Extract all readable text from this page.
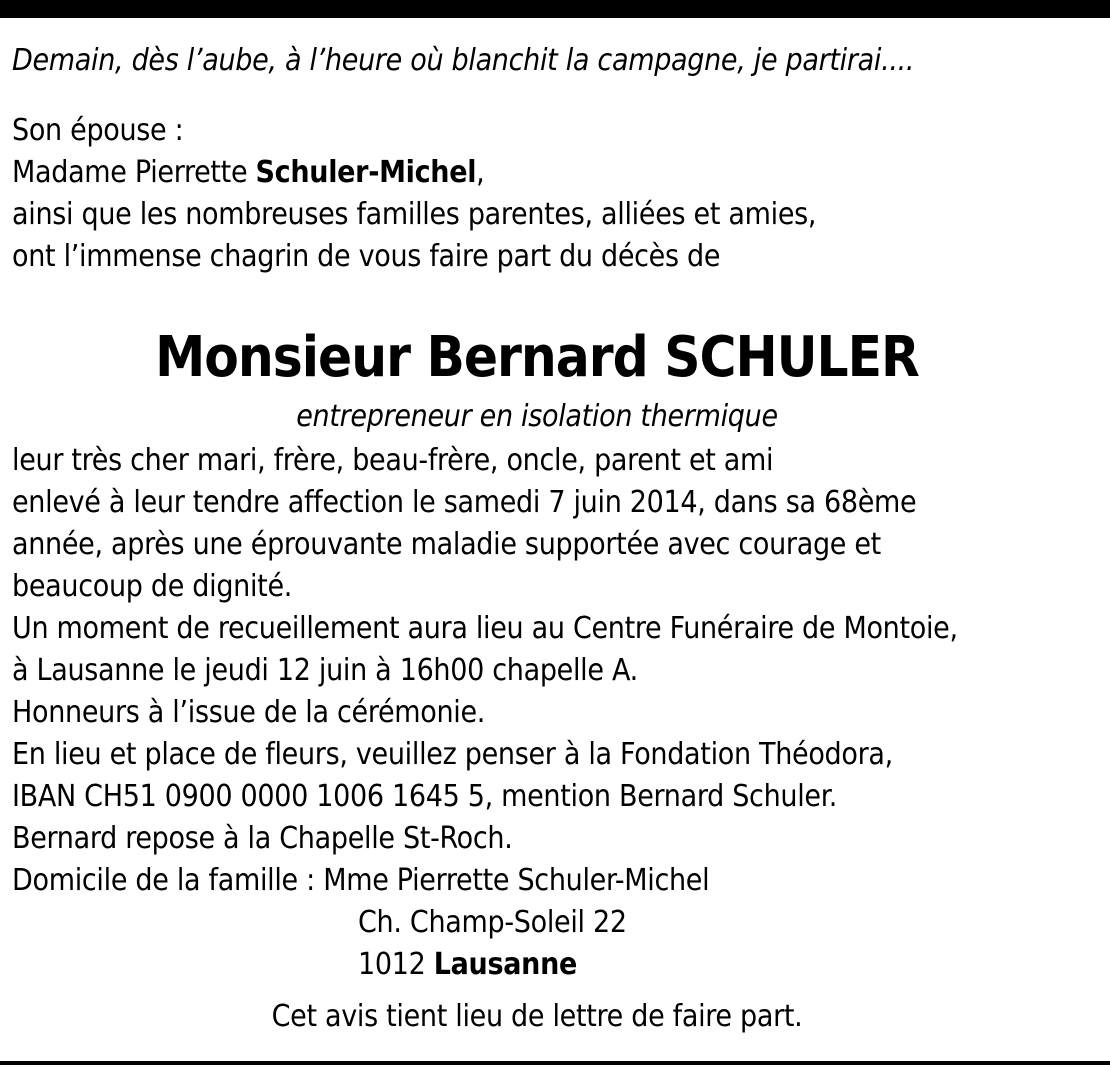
Demain, dès l’aube, à l’heure où blanchit la campagne, je partirai....
Son épouse :
Madame Pierrette Schuler-Michel,
ainsi que les nombreuses familles parentes, alliées et amies,
ont l’immense chagrin de vous faire part du décès de
Monsieur Bernard SCHULER
entrepreneur en isolation thermique
leur très cher mari, frère, beau-frère, oncle, parent et ami
enlevé à leur tendre affection le samedi 7 juin 2014, dans sa 68ème
année, après une éprouvante maladie supportée avec courage et
beaucoup de dignité.
Un moment de recueillement aura lieu au Centre Funéraire de Montoie,
à Lausanne le jeudi 12 juin à 16h00 chapelle A.
Honneurs à l’issue de la cérémonie.
En lieu et place de fleurs, veuillez penser à la Fondation Théodora,
IBAN CH51 0900 0000 1006 1645 5, mention Bernard Schuler.
Bernard repose à la Chapelle St-Roch.
Domicile de la famille : Mme Pierrette Schuler-Michel
Ch. Champ-Soleil 22
1012 Lausanne
Cet avis tient lieu de lettre de faire part.
